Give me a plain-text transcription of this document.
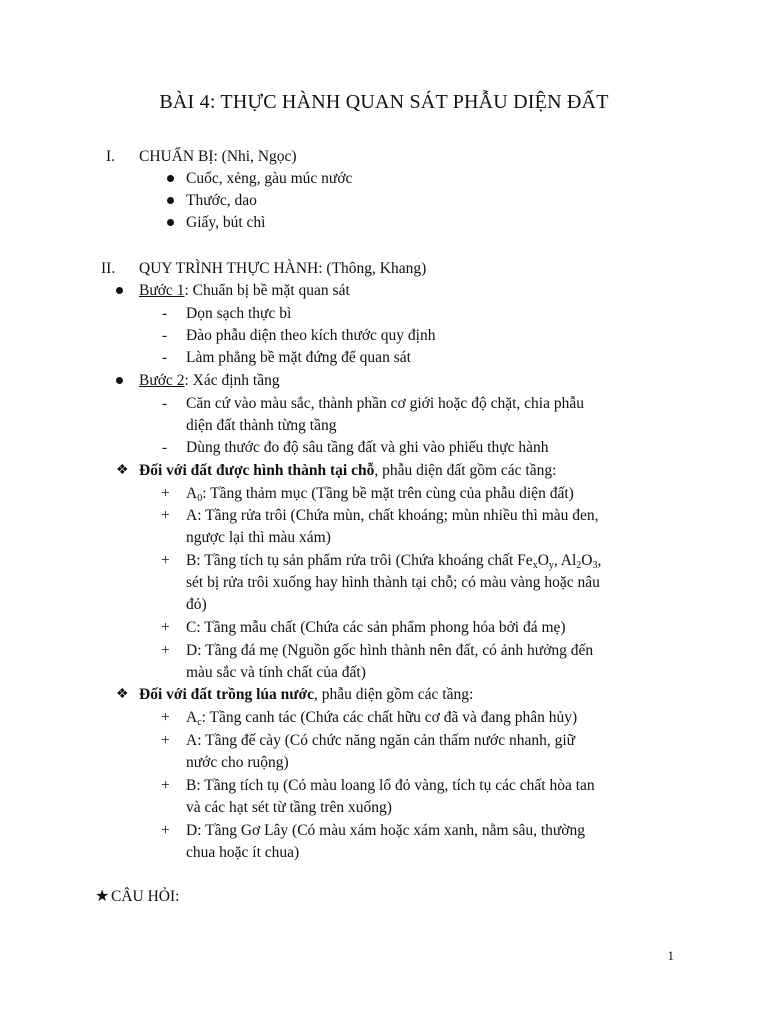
BÀI 4: THỰC HÀNH QUAN SÁT PHẪU DIỆN ĐẤT
I. CHUẨN BỊ: (Nhi, Ngọc)
Cuốc, xẻng, gàu múc nước
Thước, dao
Giấy, bút chì
II. QUY TRÌNH THỰC HÀNH: (Thông, Khang)
Bước 1: Chuẩn bị bề mặt quan sát
- Dọn sạch thực bì
- Đào phẫu diện theo kích thước quy định
- Làm phẳng bề mặt đứng để quan sát
Bước 2: Xác định tầng
- Căn cứ vào màu sắc, thành phần cơ giới hoặc độ chặt, chia phẫu
diện đất thành từng tầng
- Dùng thước đo độ sâu tầng đất và ghi vào phiếu thực hành
❖ Đối với đất được hình thành tại chỗ, phẫu diện đất gồm các tầng:
+ $A_0$: Tầng thảm mục (Tầng bề mặt trên cùng của phẫu diện đất)
+ A: Tầng rửa trôi (Chứa mùn, chất khoáng; mùn nhiều thì màu đen,
ngược lại thì màu xám)
+ B: Tầng tích tụ sản phẩm rửa trôi (Chứa khoáng chất $Fe_xO_y$, $Al_2O_3$,
sét bị rửa trôi xuống hay hình thành tại chỗ; có màu vàng hoặc nâu
đỏ)
+ C: Tầng mẫu chất (Chứa các sản phẩm phong hóa bởi đá mẹ)
+ D: Tầng đá mẹ (Nguồn gốc hình thành nên đất, có ảnh hưởng đến
màu sắc và tính chất của đất)
❖ Đối với đất trồng lúa nước, phẫu diện gồm các tầng:
+ $A_c$: Tầng canh tác (Chứa các chất hữu cơ đã và đang phân hủy)
+ A: Tầng đế cày (Có chức năng ngăn cản thấm nước nhanh, giữ
nước cho ruộng)
+ B: Tầng tích tụ (Có màu loang lổ đỏ vàng, tích tụ các chất hòa tan
và các hạt sét từ tầng trên xuống)
+ D: Tầng Gơ Lây (Có màu xám hoặc xám xanh, nằm sâu, thường
chua hoặc ít chua)
★ CÂU HỎI:
1
